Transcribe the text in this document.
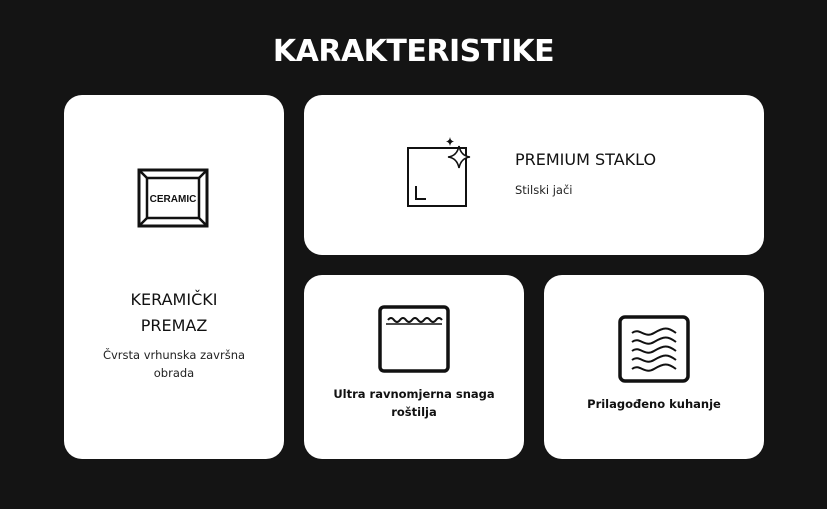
KARAKTERISTIKE
CERAMIC
KERAMIČKI
PREMAZ
Čvrsta vrhunska završna obrada
PREMIUM STAKLO
Stilski jači
Ultra ravnomjerna snaga roštilja
Prilagođeno kuhanje
